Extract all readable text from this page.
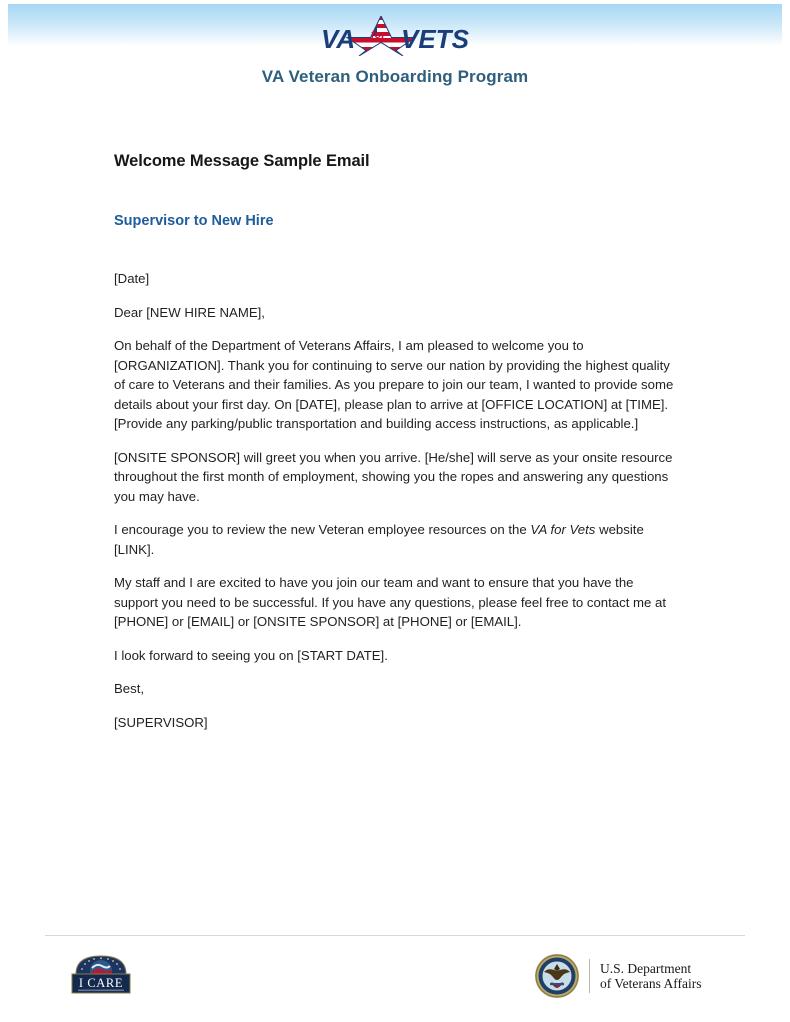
VA for VETS
VA Veteran Onboarding Program
Welcome Message Sample Email
Supervisor to New Hire

[Date]

Dear [NEW HIRE NAME],

On behalf of the Department of Veterans Affairs, I am pleased to welcome you to [ORGANIZATION]. Thank you for continuing to serve our nation by providing the highest quality of care to Veterans and their families. As you prepare to join our team, I wanted to provide some details about your first day. On [DATE], please plan to arrive at [OFFICE LOCATION] at [TIME]. [Provide any parking/public transportation and building access instructions, as applicable.]

[ONSITE SPONSOR] will greet you when you arrive. [He/she] will serve as your onsite resource throughout the first month of employment, showing you the ropes and answering any questions you may have.

I encourage you to review the new Veteran employee resources on the VA for Vets website [LINK].

My staff and I are excited to have you join our team and want to ensure that you have the support you need to be successful. If you have any questions, please feel free to contact me at [PHONE] or [EMAIL] or [ONSITE SPONSOR] at [PHONE] or [EMAIL].

I look forward to seeing you on [START DATE].

Best,

[SUPERVISOR]

I CARE
U.S. Department
of Veterans Affairs
